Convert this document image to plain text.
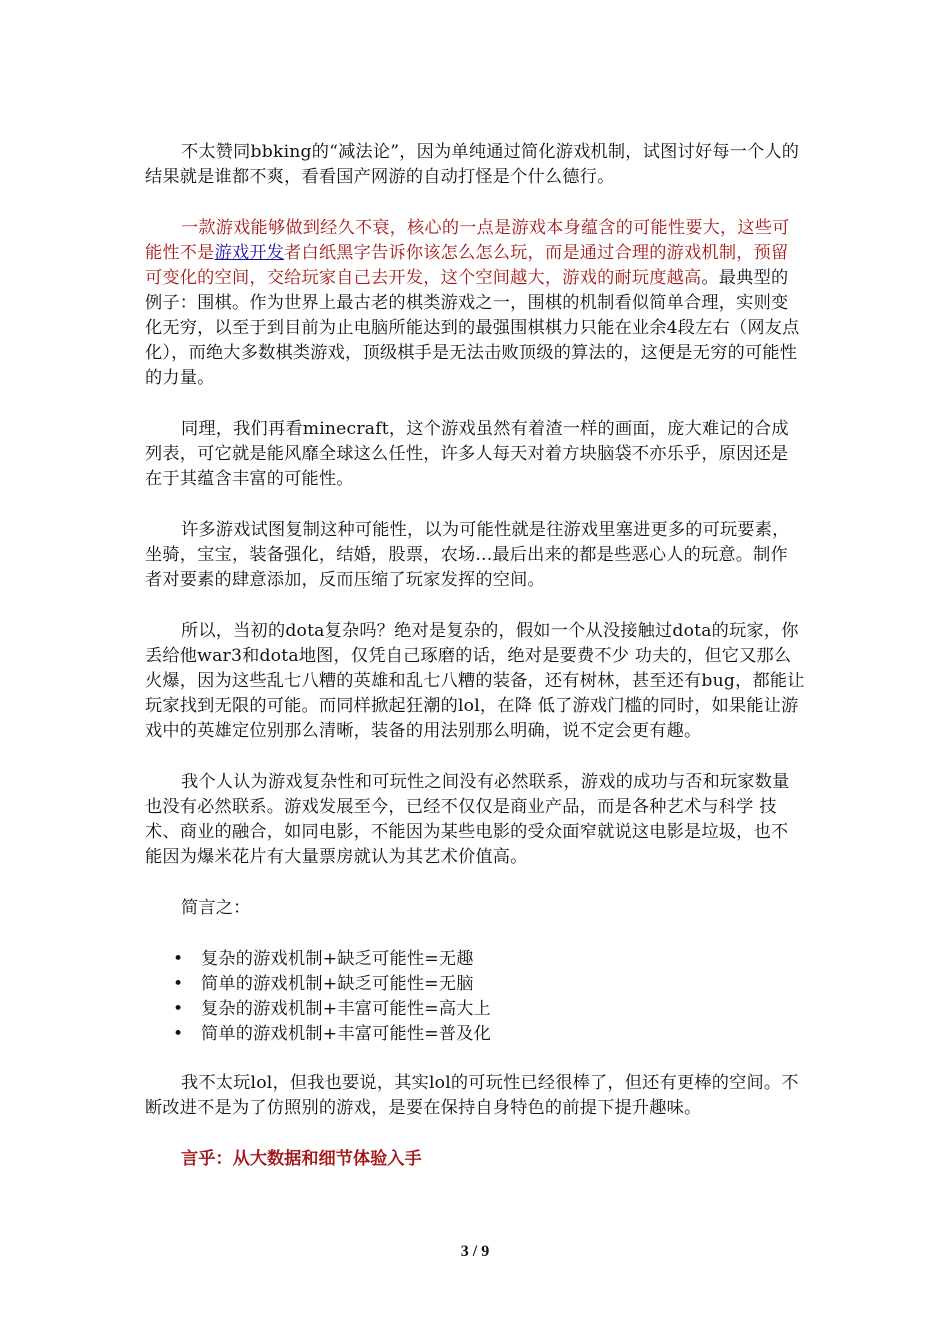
不太赞同bbking的“减法论”，因为单纯通过简化游戏机制，试图讨好每一个人的结果就是谁都不爽，看看国产网游的自动打怪是个什么德行。

一款游戏能够做到经久不衰，核心的一点是游戏本身蕴含的可能性要大，这些可能性不是游戏开发者白纸黑字告诉你该怎么怎么玩，而是通过合理的游戏机制，预留可变化的空间，交给玩家自己去开发，这个空间越大，游戏的耐玩度越高。最典型的例子：围棋。作为世界上最古老的棋类游戏之一，围棋的机制看似简单合理，实则变化无穷，以至于到目前为止电脑所能达到的最强围棋棋力只能在业余4段左右（网友点化），而绝大多数棋类游戏，顶级棋手是无法击败顶级的算法的，这便是无穷的可能性的力量。

同理，我们再看minecraft，这个游戏虽然有着渣一样的画面，庞大难记的合成列表，可它就是能风靡全球这么任性，许多人每天对着方块脑袋不亦乐乎，原因还是在于其蕴含丰富的可能性。

许多游戏试图复制这种可能性，以为可能性就是往游戏里塞进更多的可玩要素，坐骑，宝宝，装备强化，结婚，股票，农场...最后出来的都是些恶心人的玩意。制作者对要素的肆意添加，反而压缩了玩家发挥的空间。

所以，当初的dota复杂吗？绝对是复杂的，假如一个从没接触过dota的玩家，你丢给他war3和dota地图，仅凭自己琢磨的话，绝对是要费不少 功夫的，但它又那么火爆，因为这些乱七八糟的英雄和乱七八糟的装备，还有树林，甚至还有bug，都能让玩家找到无限的可能。而同样掀起狂潮的lol，在降 低了游戏门槛的同时，如果能让游戏中的英雄定位别那么清晰，装备的用法别那么明确，说不定会更有趣。

我个人认为游戏复杂性和可玩性之间没有必然联系，游戏的成功与否和玩家数量也没有必然联系。游戏发展至今，已经不仅仅是商业产品，而是各种艺术与科学 技术、商业的融合，如同电影，不能因为某些电影的受众面窄就说这电影是垃圾，也不能因为爆米花片有大量票房就认为其艺术价值高。

简言之：

• 复杂的游戏机制+缺乏可能性=无趣
• 简单的游戏机制+缺乏可能性=无脑
• 复杂的游戏机制+丰富可能性=高大上
• 简单的游戏机制+丰富可能性=普及化

我不太玩lol，但我也要说，其实lol的可玩性已经很棒了，但还有更棒的空间。不断改进不是为了仿照别的游戏，是要在保持自身特色的前提下提升趣味。

言乎：从大数据和细节体验入手

3 / 9
